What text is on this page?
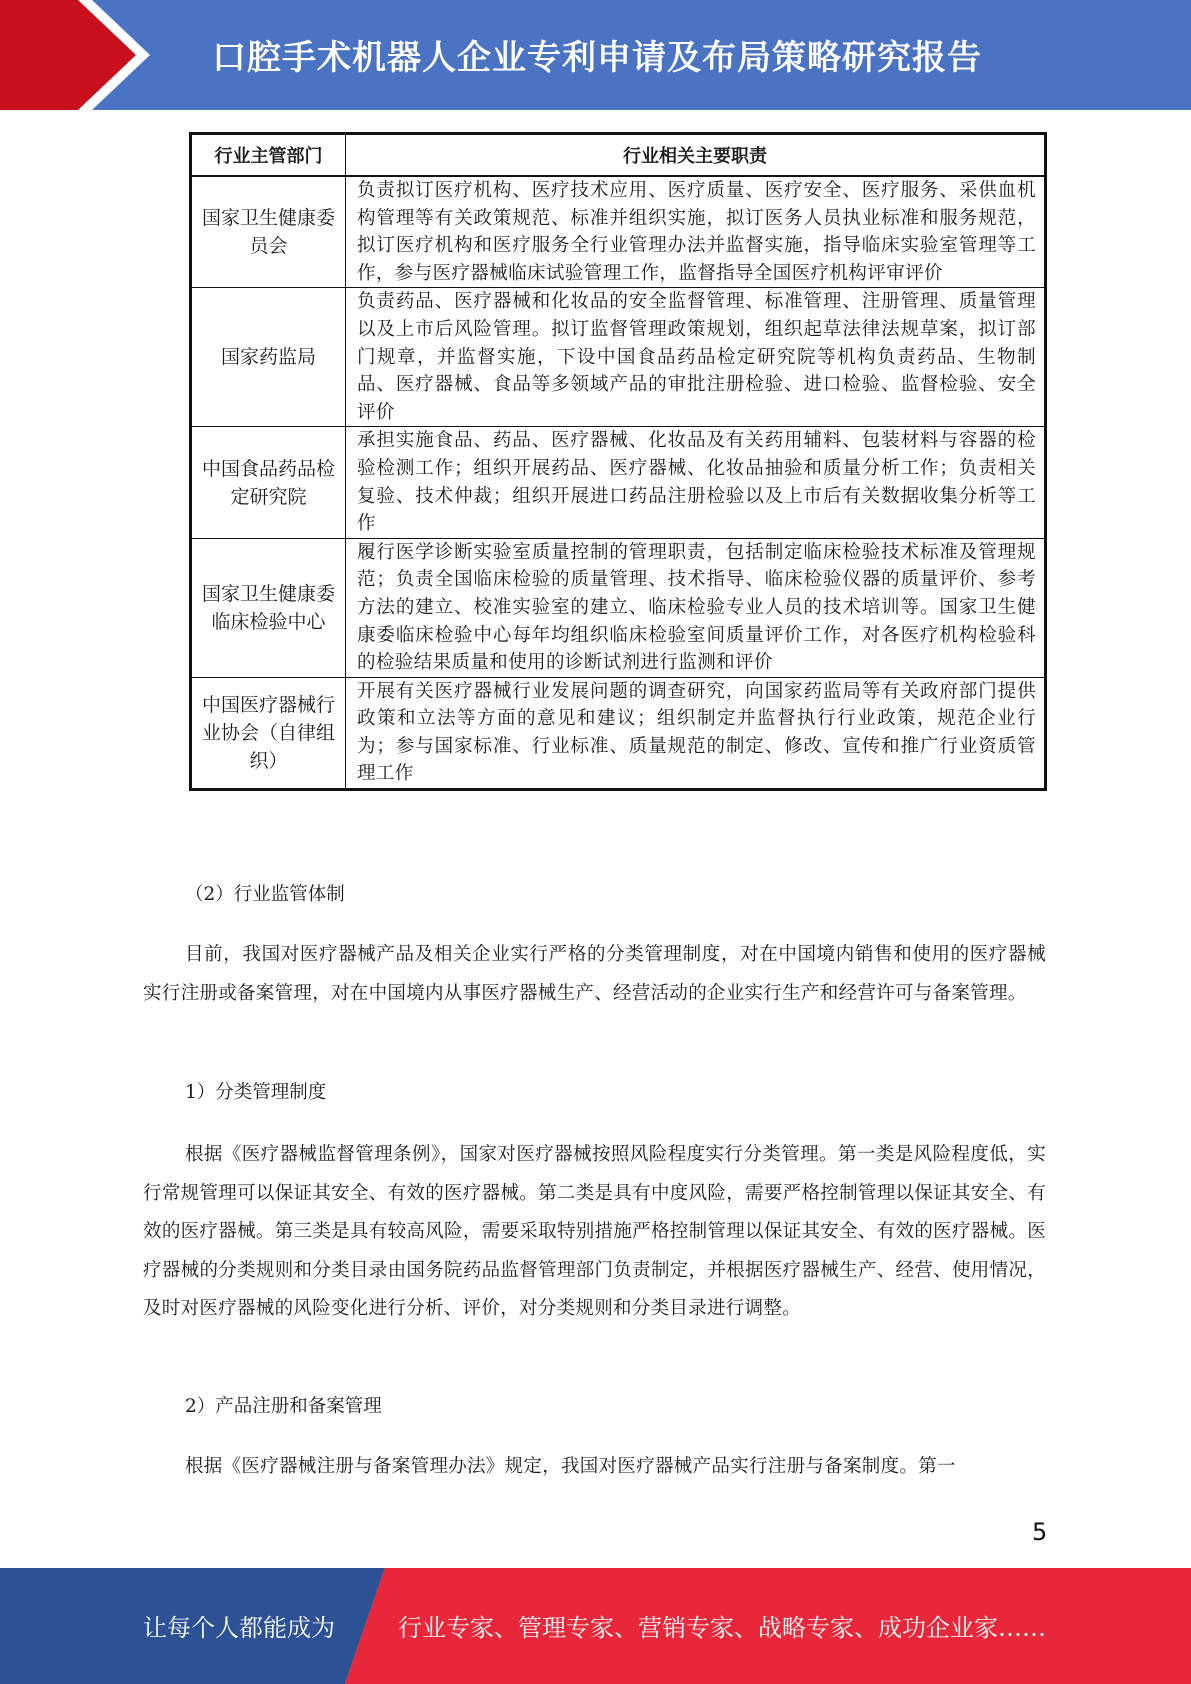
口腔手术机器人企业专利申请及布局策略研究报告
行业主管部门	行业相关主要职责
国家卫生健康委员会	负责拟订医疗机构、医疗技术应用、医疗质量、医疗安全、医疗服务、采供血机构管理等有关政策规范、标准并组织实施，拟订医务人员执业标准和服务规范，拟订医疗机构和医疗服务全行业管理办法并监督实施，指导临床实验室管理等工作，参与医疗器械临床试验管理工作，监督指导全国医疗机构评审评价
国家药监局	负责药品、医疗器械和化妆品的安全监督管理、标准管理、注册管理、质量管理以及上市后风险管理。拟订监督管理政策规划，组织起草法律法规草案，拟订部门规章，并监督实施，下设中国食品药品检定研究院等机构负责药品、生物制品、医疗器械、食品等多领域产品的审批注册检验、进口检验、监督检验、安全评价
中国食品药品检定研究院	承担实施食品、药品、医疗器械、化妆品及有关药用辅料、包装材料与容器的检验检测工作；组织开展药品、医疗器械、化妆品抽验和质量分析工作；负责相关复验、技术仲裁；组织开展进口药品注册检验以及上市后有关数据收集分析等工作
国家卫生健康委临床检验中心	履行医学诊断实验室质量控制的管理职责，包括制定临床检验技术标准及管理规范；负责全国临床检验的质量管理、技术指导、临床检验仪器的质量评价、参考方法的建立、校准实验室的建立、临床检验专业人员的技术培训等。国家卫生健康委临床检验中心每年均组织临床检验室间质量评价工作，对各医疗机构检验科的检验结果质量和使用的诊断试剂进行监测和评价
中国医疗器械行业协会（自律组织）	开展有关医疗器械行业发展问题的调查研究，向国家药监局等有关政府部门提供政策和立法等方面的意见和建议；组织制定并监督执行行业政策，规范企业行为；参与国家标准、行业标准、质量规范的制定、修改、宣传和推广行业资质管理工作

（2）行业监管体制

目前，我国对医疗器械产品及相关企业实行严格的分类管理制度，对在中国境内销售和使用的医疗器械实行注册或备案管理，对在中国境内从事医疗器械生产、经营活动的企业实行生产和经营许可与备案管理。

1）分类管理制度

根据《医疗器械监督管理条例》，国家对医疗器械按照风险程度实行分类管理。第一类是风险程度低，实行常规管理可以保证其安全、有效的医疗器械。第二类是具有中度风险，需要严格控制管理以保证其安全、有效的医疗器械。第三类是具有较高风险，需要采取特别措施严格控制管理以保证其安全、有效的医疗器械。医疗器械的分类规则和分类目录由国务院药品监督管理部门负责制定，并根据医疗器械生产、经营、使用情况，及时对医疗器械的风险变化进行分析、评价，对分类规则和分类目录进行调整。

2）产品注册和备案管理

根据《医疗器械注册与备案管理办法》规定，我国对医疗器械产品实行注册与备案制度。第一

5
让每个人都能成为	行业专家、管理专家、营销专家、战略专家、成功企业家……
